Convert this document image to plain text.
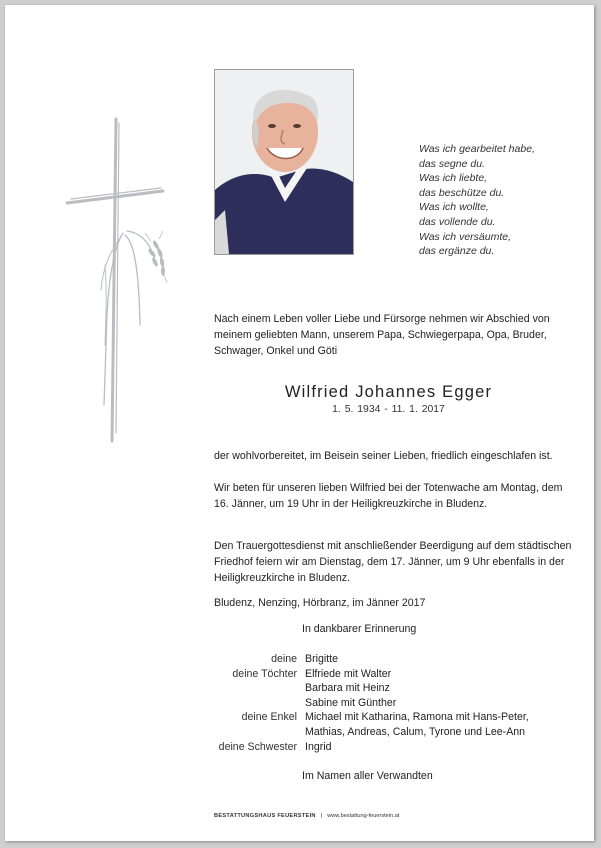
Was ich gearbeitet habe,
das segne du.
Was ich liebte,
das beschütze du.
Was ich wollte,
das vollende du.
Was ich versäumte,
das ergänze du.
Nach einem Leben voller Liebe und Fürsorge nehmen wir Abschied von meinem geliebten Mann, unserem Papa, Schwiegerpapa, Opa, Bruder, Schwager, Onkel und Göti
Wilfried Johannes Egger
1. 5. 1934 - 11. 1. 2017
der wohlvorbereitet, im Beisein seiner Lieben, friedlich eingeschlafen ist.
Wir beten für unseren lieben Wilfried bei der Totenwache am Montag, dem 16. Jänner, um 19 Uhr in der Heiligkreuzkirche in Bludenz.
Den Trauergottesdienst mit anschließender Beerdigung auf dem städtischen Friedhof feiern wir am Dienstag, dem 17. Jänner, um 9 Uhr ebenfalls in der Heiligkreuzkirche in Bludenz.
Bludenz, Nenzing, Hörbranz, im Jänner 2017
In dankbarer Erinnerung
deine Brigitte
deine Töchter Elfriede mit Walter
Barbara mit Heinz
Sabine mit Günther
deine Enkel Michael mit Katharina, Ramona mit Hans-Peter,
Mathias, Andreas, Calum, Tyrone und Lee-Ann
deine Schwester Ingrid
Im Namen aller Verwandten
BESTATTUNGSHAUS FEUERSTEIN | www.bestattung-feuerstein.at
